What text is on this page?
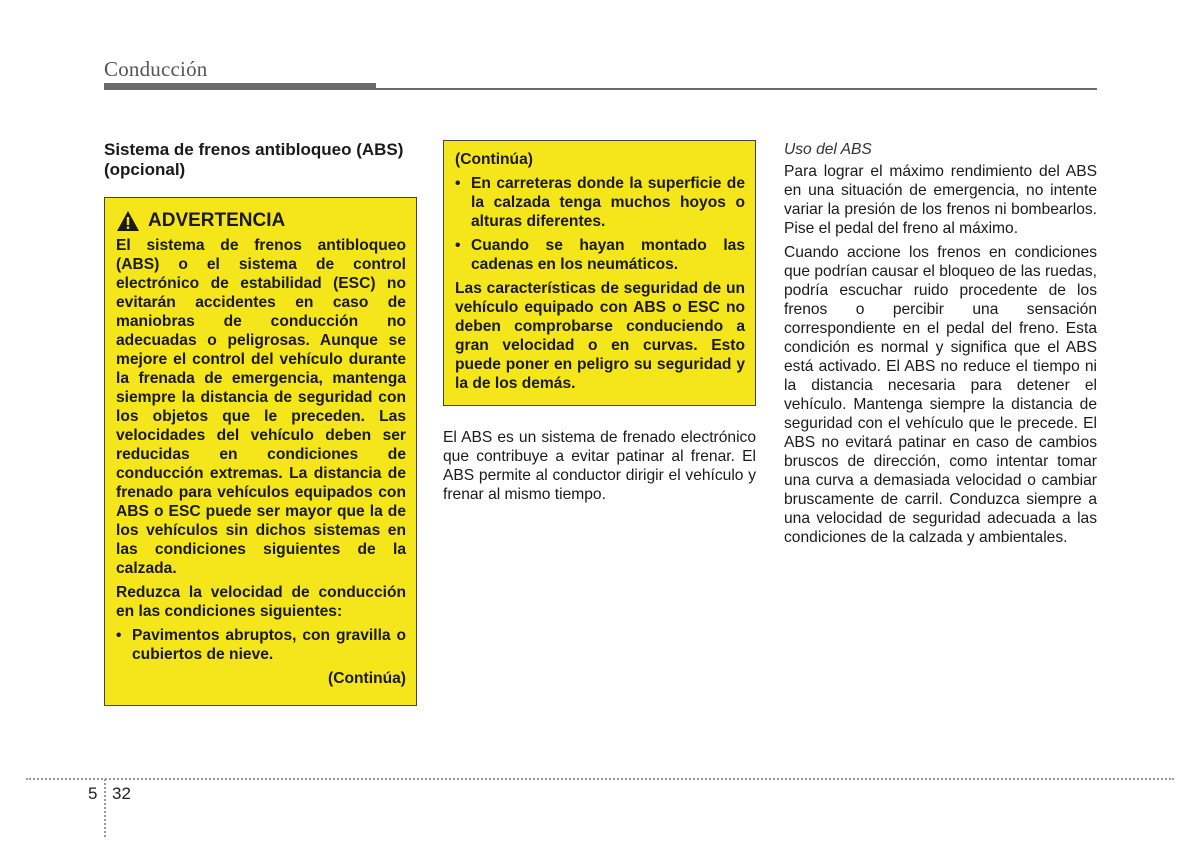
Conducción
Sistema de frenos antibloqueo (ABS) (opcional)
ADVERTENCIA

El sistema de frenos antibloqueo (ABS) o el sistema de control electrónico de estabilidad (ESC) no evitarán accidentes en caso de maniobras de conducción no adecuadas o peligrosas. Aunque se mejore el control del vehículo durante la frenada de emergencia, mantenga siempre la distancia de seguridad con los objetos que le preceden. Las velocidades del vehículo deben ser reducidas en condiciones de conducción extremas. La distancia de frenado para vehículos equipados con ABS o ESC puede ser mayor que la de los vehículos sin dichos sistemas en las condiciones siguientes de la calzada.

Reduzca la velocidad de conducción en las condiciones siguientes:

• Pavimentos abruptos, con gravilla o cubiertos de nieve.

(Continúa)

(Continúa)

• En carreteras donde la superficie de la calzada tenga muchos hoyos o alturas diferentes.
• Cuando se hayan montado las cadenas en los neumáticos.

Las características de seguridad de un vehículo equipado con ABS o ESC no deben comprobarse conduciendo a gran velocidad o en curvas. Esto puede poner en peligro su seguridad y la de los demás.

El ABS es un sistema de frenado electrónico que contribuye a evitar patinar al frenar. El ABS permite al conductor dirigir el vehículo y frenar al mismo tiempo.

Uso del ABS

Para lograr el máximo rendimiento del ABS en una situación de emergencia, no intente variar la presión de los frenos ni bombearlos. Pise el pedal del freno al máximo.

Cuando accione los frenos en condiciones que podrían causar el bloqueo de las ruedas, podría escuchar ruido procedente de los frenos o percibir una sensación correspondiente en el pedal del freno. Esta condición es normal y significa que el ABS está activado. El ABS no reduce el tiempo ni la distancia necesaria para detener el vehículo. Mantenga siempre la distancia de seguridad con el vehículo que le precede. El ABS no evitará patinar en caso de cambios bruscos de dirección, como intentar tomar una curva a demasiada velocidad o cambiar bruscamente de carril. Conduzca siempre a una velocidad de seguridad adecuada a las condiciones de la calzada y ambientales.

5 32
